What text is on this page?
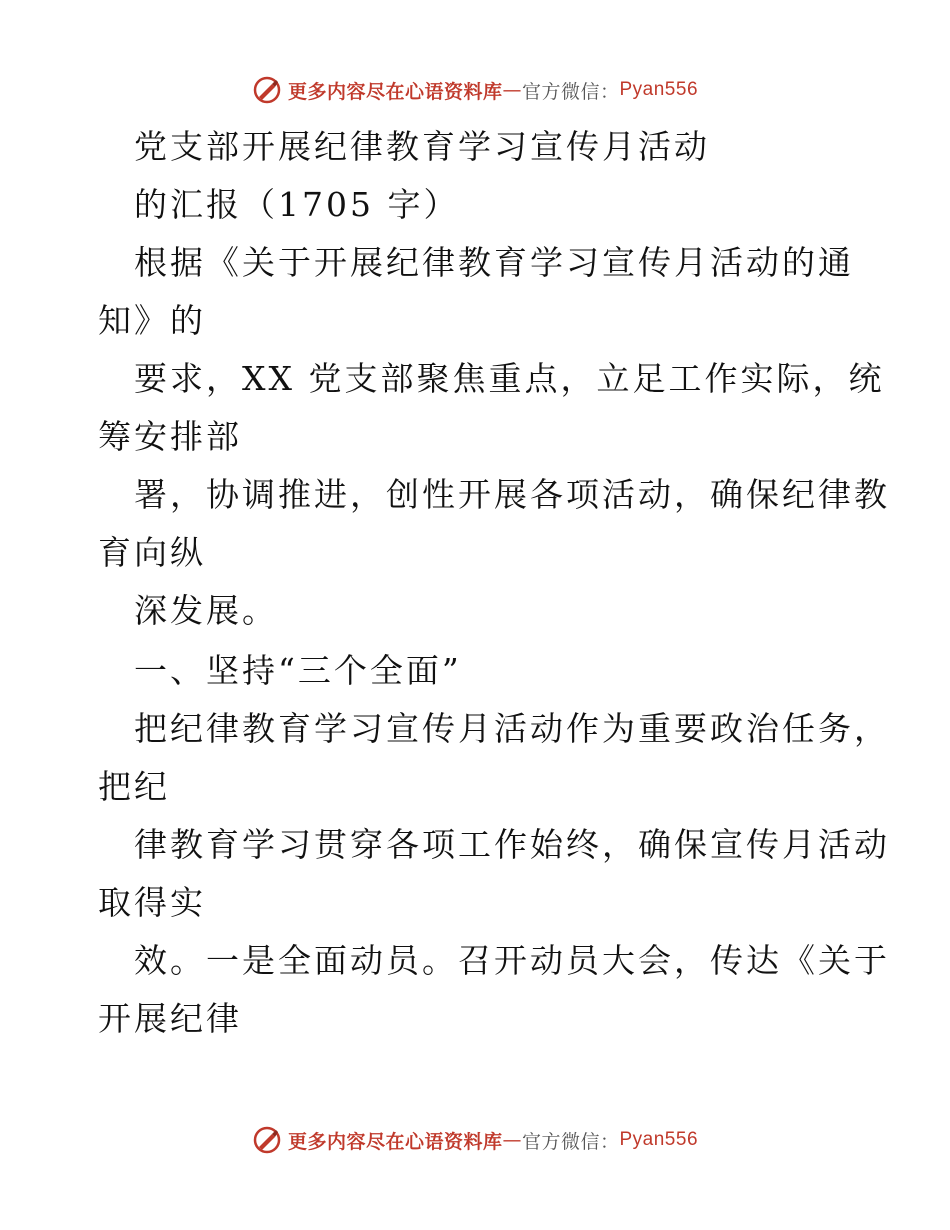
更多内容尽在心语资料库 — 官方微信： Pyan556
党支部开展纪律教育学习宣传月活动
的汇报（1705 字）
根据《关于开展纪律教育学习宣传月活动的通
知》的
要求，XX 党支部聚焦重点，立足工作实际，统
筹安排部
署，协调推进，创性开展各项活动，确保纪律教
育向纵
深发展。
一、坚持“三个全面”
把纪律教育学习宣传月活动作为重要政治任务，
把纪
律教育学习贯穿各项工作始终，确保宣传月活动
取得实
效。一是全面动员。召开动员大会，传达《关于
开展纪律
更多内容尽在心语资料库 — 官方微信： Pyan556
